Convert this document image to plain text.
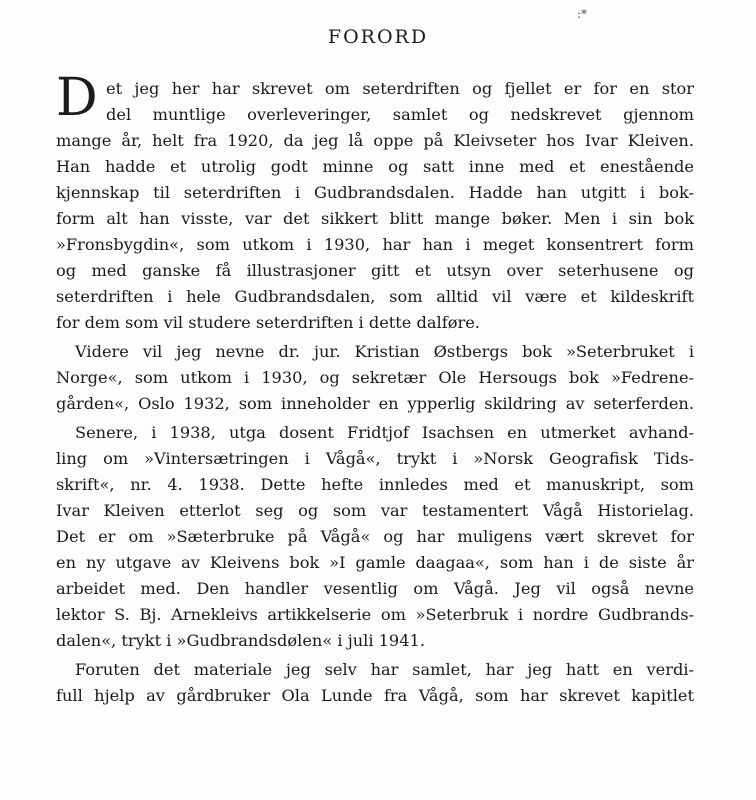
:*
FORORD
D et jeg her har skrevet om seterdriften og fjellet er for en stor
del muntlige overleveringer, samlet og nedskrevet gjennom
mange år, helt fra 1920, da jeg lå oppe på Kleivseter hos Ivar Kleiven.
Han hadde et utrolig godt minne og satt inne med et enestående
kjennskap til seterdriften i Gudbrandsdalen. Hadde han utgitt i bok-
form alt han visste, var det sikkert blitt mange bøker. Men i sin bok
»Fronsbygdin«, som utkom i 1930, har han i meget konsentrert form
og med ganske få illustrasjoner gitt et utsyn over seterhusene og
seterdriften i hele Gudbrandsdalen, som alltid vil være et kildeskrift
for dem som vil studere seterdriften i dette dalføre.
Videre vil jeg nevne dr. jur. Kristian Østbergs bok »Seterbruket i
Norge«, som utkom i 1930, og sekretær Ole Hersougs bok »Fedrene-
gården«, Oslo 1932, som inneholder en ypperlig skildring av seterferden.
Senere, i 1938, utga dosent Fridtjof Isachsen en utmerket avhand-
ling om »Vintersætringen i Vågå«, trykt i »Norsk Geografisk Tids-
skrift«, nr. 4. 1938. Dette hefte innledes med et manuskript, som
Ivar Kleiven etterlot seg og som var testamentert Vågå Historielag.
Det er om »Sæterbruke på Vågå« og har muligens vært skrevet for
en ny utgave av Kleivens bok »I gamle daagaa«, som han i de siste år
arbeidet med. Den handler vesentlig om Vågå. Jeg vil også nevne
lektor S. Bj. Arnekleivs artikkelserie om »Seterbruk i nordre Gudbrands-
dalen«, trykt i »Gudbrandsdølen« i juli 1941.
Foruten det materiale jeg selv har samlet, har jeg hatt en verdi-
full hjelp av gårdbruker Ola Lunde fra Vågå, som har skrevet kapitlet
